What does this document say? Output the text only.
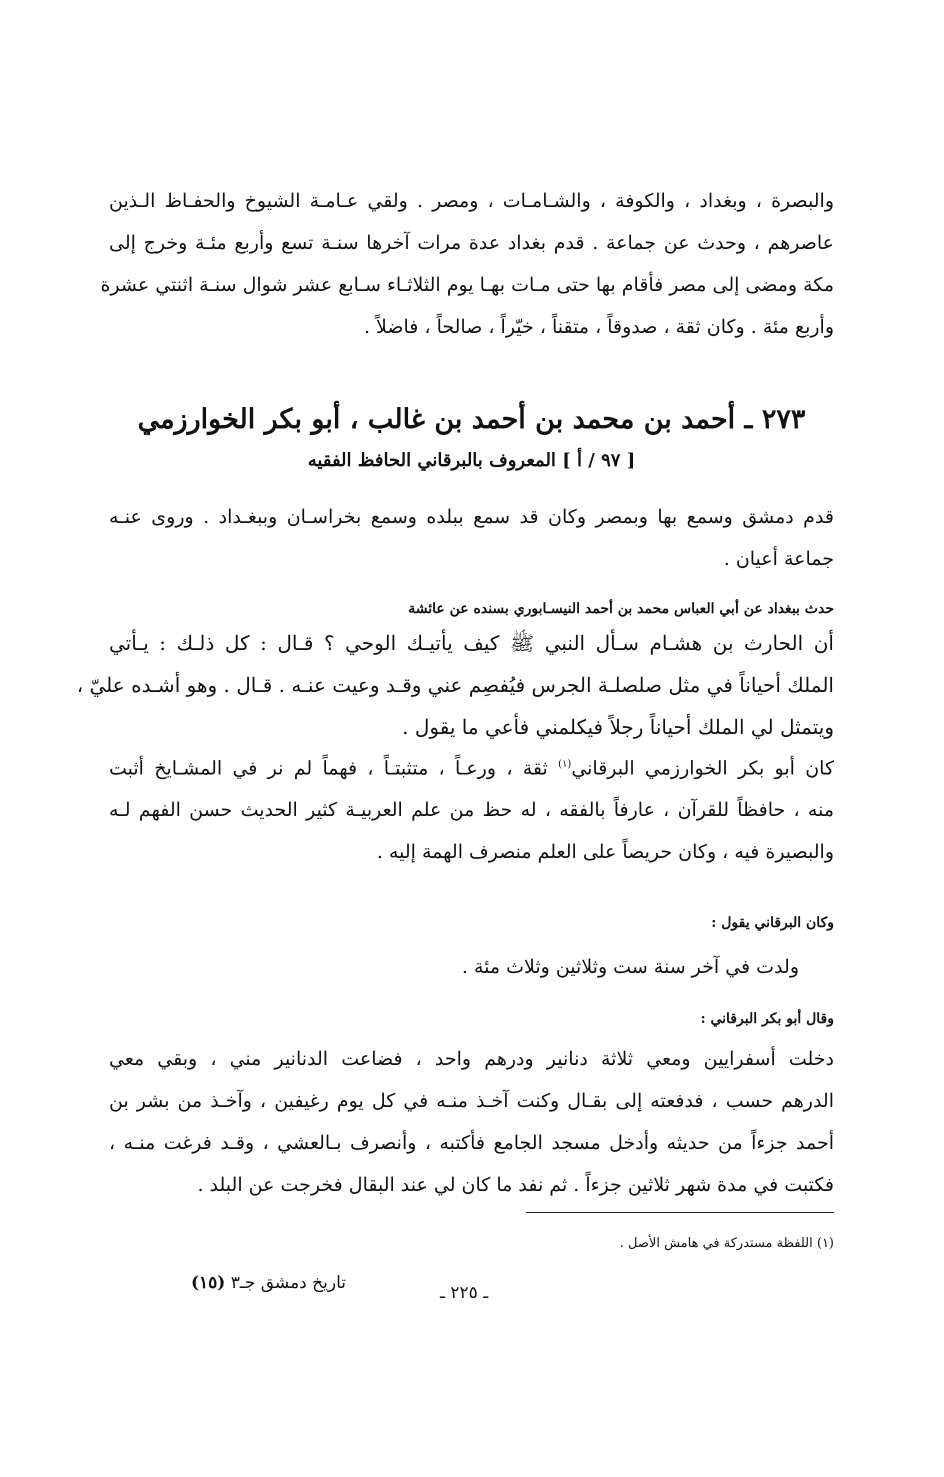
والبصرة ، وبغداد ، والكوفة ، والشـامـات ، ومصر . ولقي عـامـة الشيوخ والحفـاظ الـذين
عاصرهم ، وحدث عن جماعة . قدم بغداد عدة مرات آخرها سنـة تسع وأربع مئـة وخرج إلى
مكة ومضى إلى مصر فأقام بها حتى مـات بهـا يوم الثلاثـاء سـابع عشر شوال سنـة اثنتي عشرة
وأربع مئة . وكان ثقة ، صدوقاً ، متقناً ، خيّراً ، صالحاً ، فاضلاً .
٢٧٣ ـ أحمد بن محمد بن أحمد بن غالب ، أبو بكر الخوارزمي
[ ٩٧ / أ ] المعروف بالبرقاني الحافظ الفقيه
قدم دمشق وسمع بها وبمصر وكان قد سمع ببلده وسمع بخراسـان وببغـداد . وروى عنـه
جماعة أعيان .
حدث ببغداد عن أبي العباس محمد بن أحمد النيسـابوري بسنده عن عائشة
أن الحارث بن هشـام سـأل النبي ﷺ كيف يأتيـك الوحي ؟ قـال : كل ذلـك : يـأتي
الملك أحياناً في مثل صلصلـة الجرس فيُفصِم عني وقـد وعيت عنـه . قـال . وهو أشـده عليّ ،
ويتمثل لي الملك أحياناً رجلاً فيكلمني فأعي ما يقول .
كان أبو بكر الخوارزمي البرقاني$^{(١)}$ ثقة ، ورعـاً ، متثبتـاً ، فهماً لم نر في المشـايخ أثبت
منه ، حافظاً للقرآن ، عارفاً بالفقه ، له حظ من علم العربيـة كثير الحديث حسن الفهم لـه
والبصيرة فيه ، وكان حريصاً على العلم منصرف الهمة إليه .
وكان البرقاني يقول :
ولدت في آخر سنة ست وثلاثين وثلاث مئة .
وقال أبو بكر البرقاني :
دخلت أسفرايين ومعي ثلاثة دنانير ودرهم واحد ، فضاعت الدنانير مني ، وبقي معي
الدرهم حسب ، فدفعته إلى بقـال وكنت آخـذ منـه في كل يوم رغيفين ، وآخـذ من بشر بن
أحمد جزءاً من حديثه وأدخل مسجد الجامع فأكتبه ، وأنصرف بـالعشي ، وقـد فرغت منـه ،
فكتبت في مدة شهر ثلاثين جزءاً . ثم نفد ما كان لي عند البقال فخرجت عن البلد .
(١) اللفظة مستدركة في هامش الأصل .
تاريخ دمشق جـ٣ (١٥)	ـ ٢٢٥ ـ
